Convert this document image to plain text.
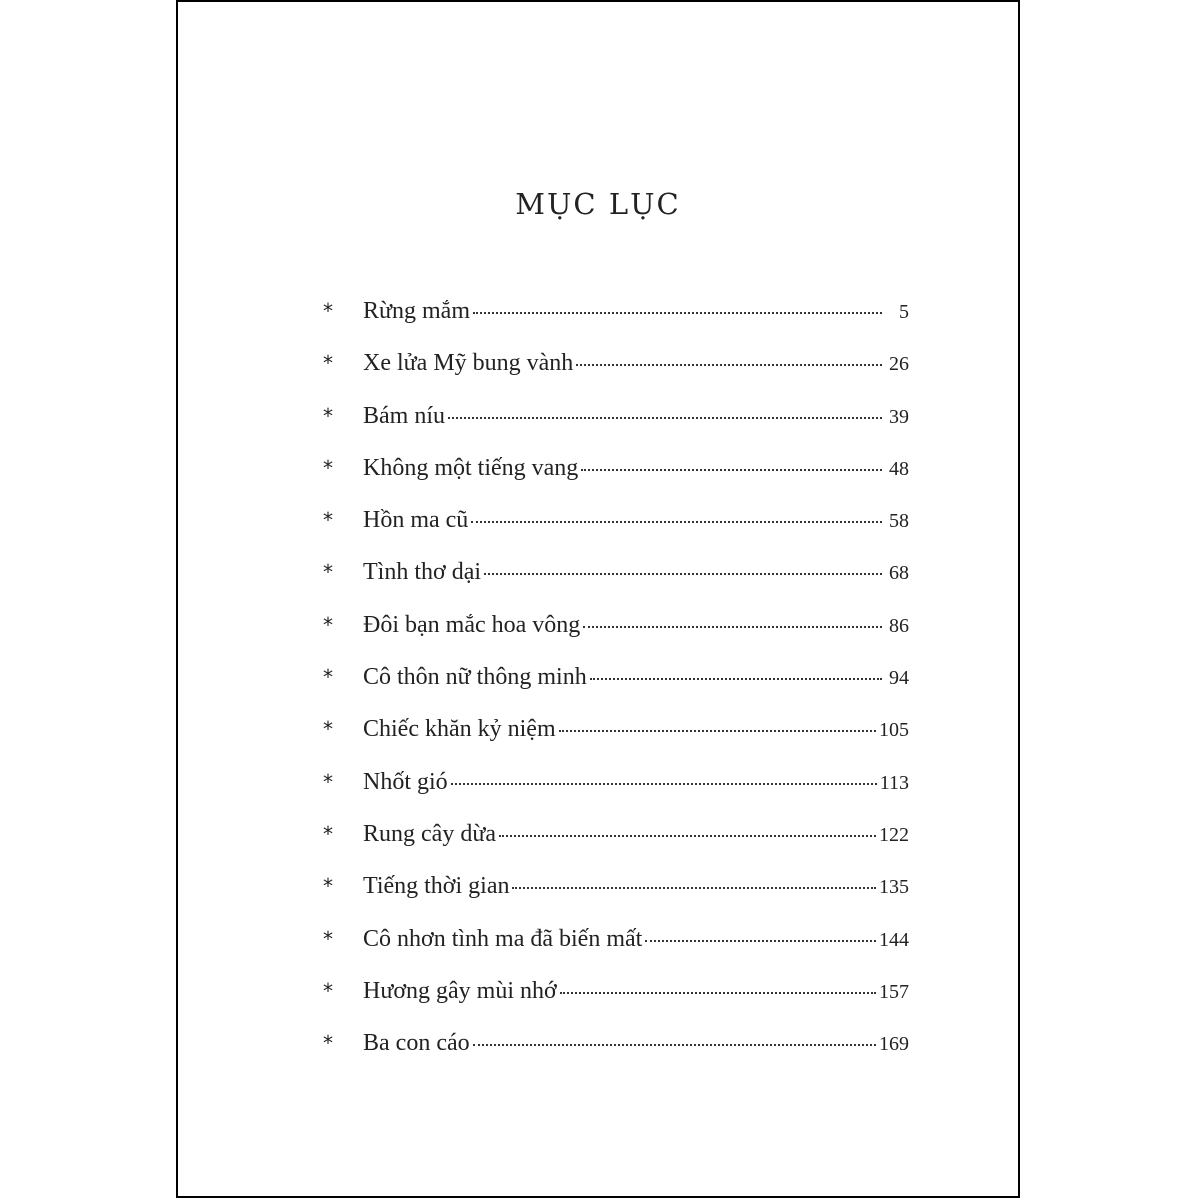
MỤC LỤC
*	Rừng mắm	5
*	Xe lửa Mỹ bung vành	26
*	Bám níu	39
*	Không một tiếng vang	48
*	Hồn ma cũ	58
*	Tình thơ dại	68
*	Đôi bạn mắc hoa vông	86
*	Cô thôn nữ thông minh	94
*	Chiếc khăn kỷ niệm	105
*	Nhốt gió	113
*	Rung cây dừa	122
*	Tiếng thời gian	135
*	Cô nhơn tình ma đã biến mất	144
*	Hương gây mùi nhớ	157
*	Ba con cáo	169
